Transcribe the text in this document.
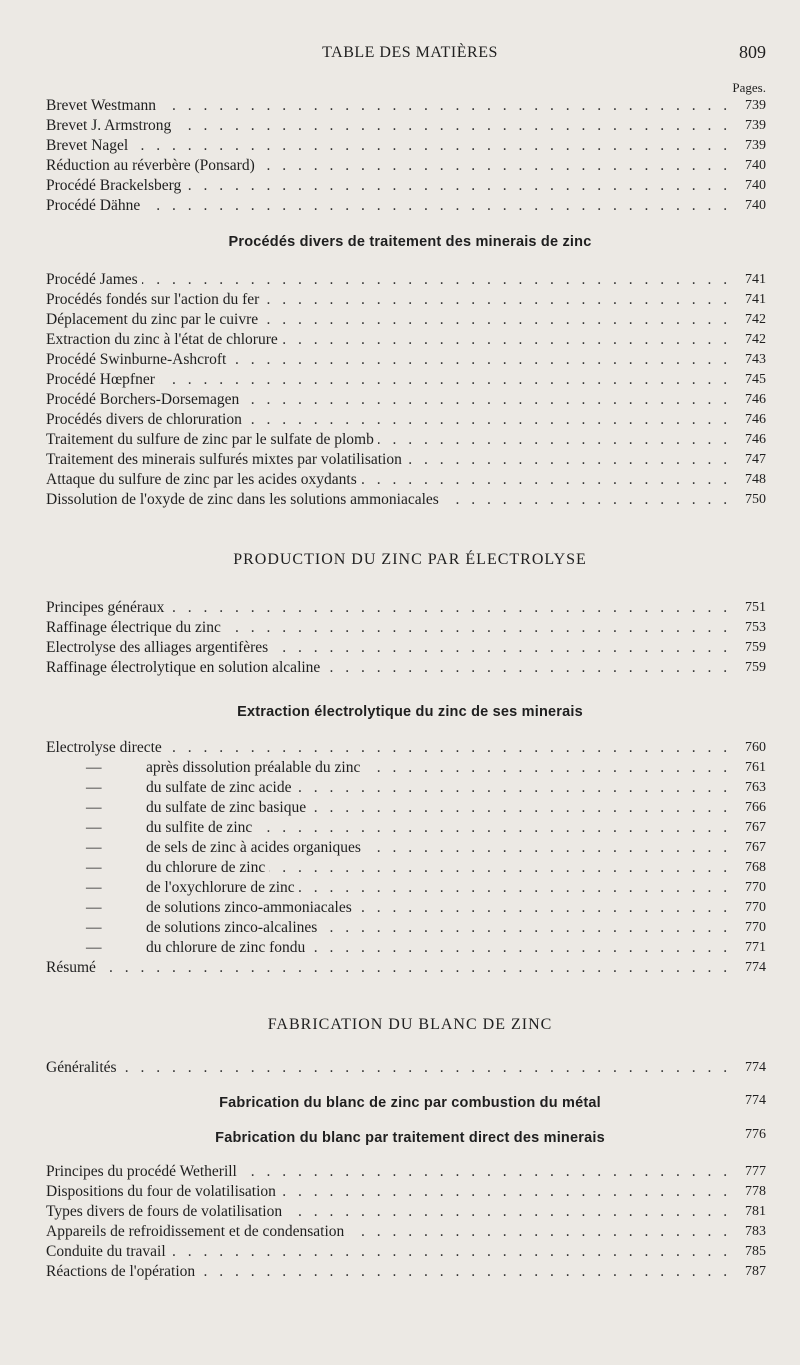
TABLE DES MATIÈRES	809
Pages.
. . .
Brevet Westmann	739
. . .
Brevet J. Armstrong	739
. . .
Brevet Nagel	739
. . .
Réduction au réverbère (Ponsard)	740
. . .
Procédé Brackelsberg	740
. . .
Procédé Dähne	740
Procédés divers de traitement des minerais de zinc
. . .
Procédé James	741
. . .
Procédés fondés sur l'action du fer	741
. . .
Déplacement du zinc par le cuivre	742
. . .
Extraction du zinc à l'état de chlorure	742
. . .
Procédé Swinburne-Ashcroft	743
. . .
Procédé Hœpfner	745
. . .
Procédé Borchers-Dorsemagen	746
. . .
Procédés divers de chloruration	746
. . .
Traitement du sulfure de zinc par le sulfate de plomb	746
. . .
Traitement des minerais sulfurés mixtes par volatilisation	747
. . .
Attaque du sulfure de zinc par les acides oxydants	748
. . .
Dissolution de l'oxyde de zinc dans les solutions ammoniacales	750
PRODUCTION DU ZINC PAR ÉLECTROLYSE
. . .
Principes généraux	751
. . .
Raffinage électrique du zinc	753
. . .
Electrolyse des alliages argentifères	759
. . .
Raffinage électrolytique en solution alcaline	759
Extraction électrolytique du zinc de ses minerais
. . .
Electrolyse directe	760
. . .
—	après dissolution préalable du zinc	761
. . .
—	du sulfate de zinc acide	763
. . .
—	du sulfate de zinc basique	766
. . .
—	du sulfite de zinc	767
. . .
—	de sels de zinc à acides organiques	767
. . .
—	du chlorure de zinc	768
. . .
—	de l'oxychlorure de zinc	770
. . .
—	de solutions zinco-ammoniacales	770
. . .
—	de solutions zinco-alcalines	770
. . .
—	du chlorure de zinc fondu	771
. . .
Résumé	774
FABRICATION DU BLANC DE ZINC
. . .
Généralités	774
Fabrication du blanc de zinc par combustion du métal	774
Fabrication du blanc par traitement direct des minerais	776
. . .
Principes du procédé Wetherill	777
. . .
Dispositions du four de volatilisation	778
. . .
Types divers de fours de volatilisation	781
. . .
Appareils de refroidissement et de condensation	783
. . .
Conduite du travail	785
. . .
Réactions de l'opération	787
